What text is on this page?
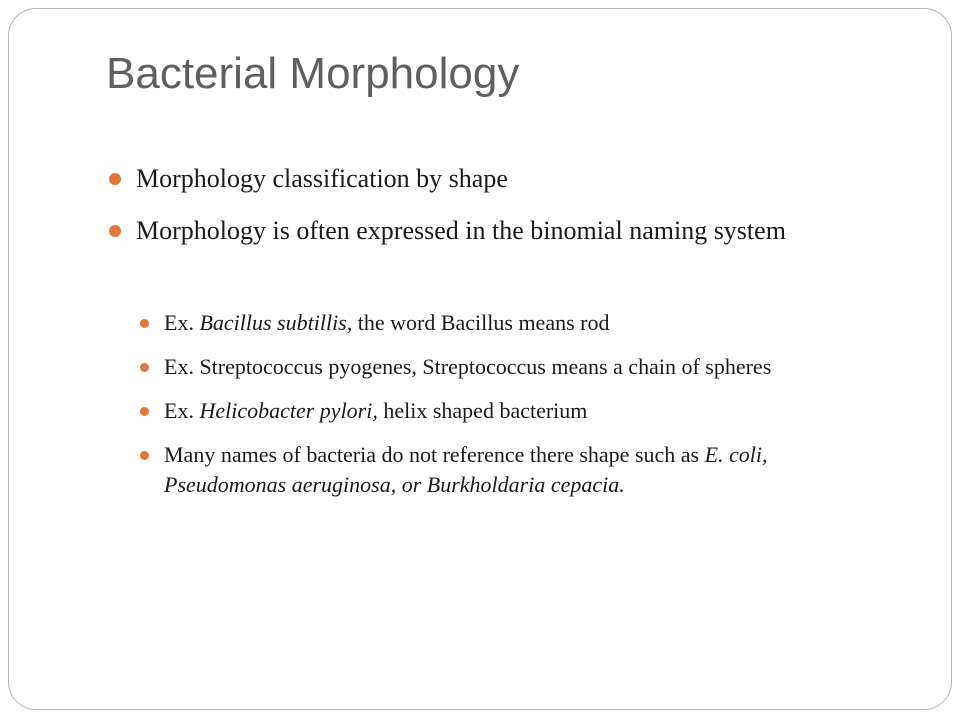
Bacterial Morphology
Morphology classification by shape
Morphology is often expressed in the binomial naming system
Ex. Bacillus subtillis, the word Bacillus means rod
Ex. Streptococcus pyogenes, Streptococcus means a chain of spheres
Ex. Helicobacter pylori, helix shaped bacterium
Many names of bacteria do not reference there shape such as E. coli, Pseudomonas aeruginosa, or Burkholdaria cepacia.
